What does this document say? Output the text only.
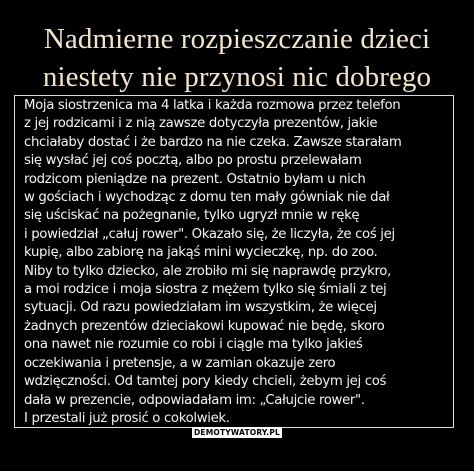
Nadmierne rozpieszczanie dzieci
niestety nie przynosi nic dobrego
Moja siostrzenica ma 4 latka i każda rozmowa przez telefon
z jej rodzicami i z nią zawsze dotyczyła prezentów, jakie
chciałaby dostać i że bardzo na nie czeka. Zawsze starałam
się wysłać jej coś pocztą, albo po prostu przelewałam
rodzicom pieniądze na prezent. Ostatnio byłam u nich
w gościach i wychodząc z domu ten mały gówniak nie dał
się uściskać na pożegnanie, tylko ugryzł mnie w rękę
i powiedział „całuj rower". Okazało się, że liczyła, że coś jej
kupię, albo zabiorę na jakąś mini wycieczkę, np. do zoo.
Niby to tylko dziecko, ale zrobiło mi się naprawdę przykro,
a moi rodzice i moja siostra z mężem tylko się śmiali z tej
sytuacji. Od razu powiedziałam im wszystkim, że więcej
żadnych prezentów dzieciakowi kupować nie będę, skoro
ona nawet nie rozumie co robi i ciągle ma tylko jakieś
oczekiwania i pretensje, a w zamian okazuje zero
wdzięczności. Od tamtej pory kiedy chcieli, żebym jej coś
dała w prezencie, odpowiadałam im: „Całujcie rower".
I przestali już prosić o cokolwiek.
DEMOTYWATORY.PL
